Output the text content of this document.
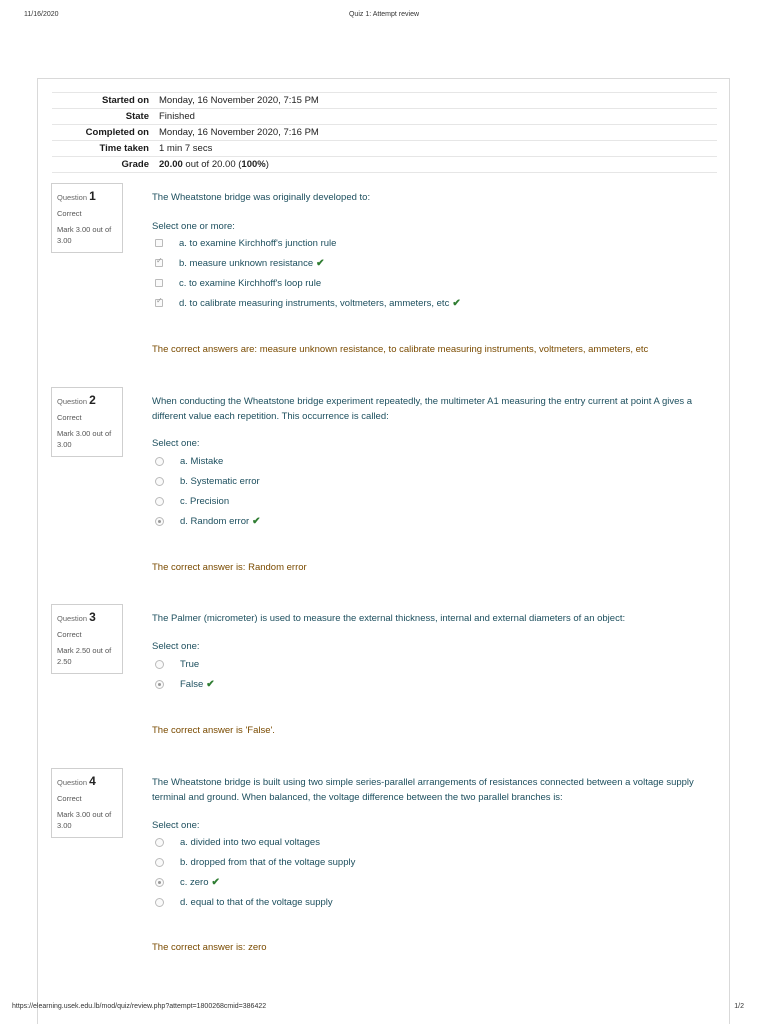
11/16/2020	Quiz 1: Attempt review
Started on	Monday, 16 November 2020, 7:15 PM
State	Finished
Completed on	Monday, 16 November 2020, 7:16 PM
Time taken	1 min 7 secs
Grade	20.00 out of 20.00 (100%)
Question 1
Correct
Mark 3.00 out of 3.00
The Wheatstone bridge was originally developed to:
Select one or more:
a. to examine Kirchhoff's junction rule
✓
b. measure unknown resistance ✔
c. to examine Kirchhoff's loop rule
✓
d. to calibrate measuring instruments, voltmeters, ammeters, etc ✔
The correct answers are: measure unknown resistance, to calibrate measuring instruments, voltmeters, ammeters, etc
Question 2
Correct
Mark 3.00 out of 3.00
When conducting the Wheatstone bridge experiment repeatedly, the multimeter A1 measuring the entry current at point A gives a different value each repetition. This occurrence is called:
Select one:
a. Mistake
b. Systematic error
c. Precision
d. Random error ✔
The correct answer is: Random error
Question 3
Correct
Mark 2.50 out of 2.50
The Palmer (micrometer) is used to measure the external thickness, internal and external diameters of an object:
Select one:
True
False ✔
The correct answer is 'False'.
Question 4
Correct
Mark 3.00 out of 3.00
The Wheatstone bridge is built using two simple series-parallel arrangements of resistances connected between a voltage supply terminal and ground. When balanced, the voltage difference between the two parallel branches is:
Select one:
a. divided into two equal voltages
b. dropped from that of the voltage supply
c. zero ✔
d. equal to that of the voltage supply
The correct answer is: zero
https://elearning.usek.edu.lb/mod/quiz/review.php?attempt=1800268cmid=386422	1/2
